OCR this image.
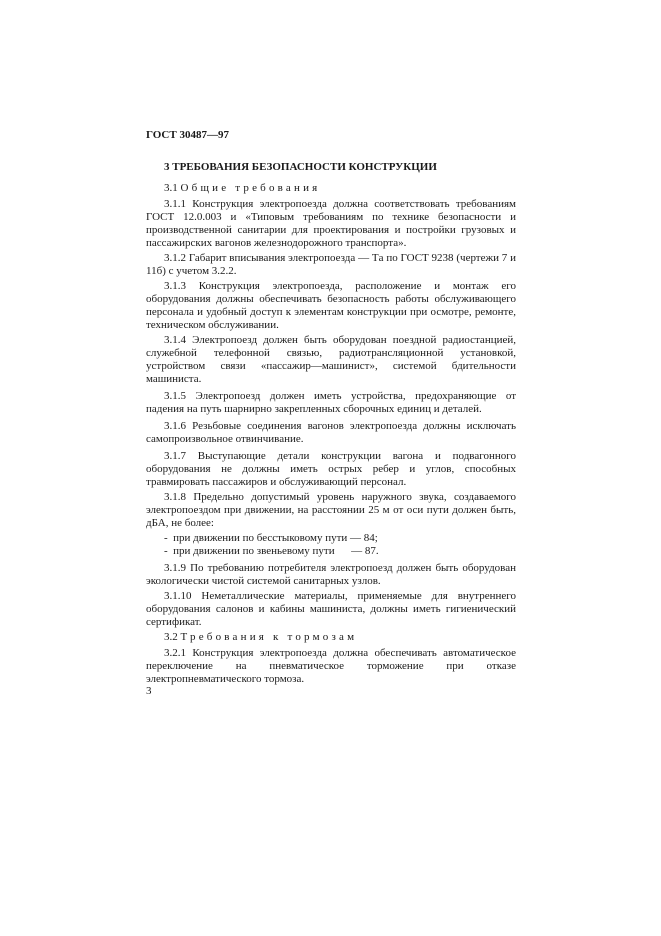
ГОСТ 30487—97
3 ТРЕБОВАНИЯ БЕЗОПАСНОСТИ КОНСТРУКЦИИ
3.1 Общие требования

3.1.1 Конструкция электропоезда должна соответствовать требованиям ГОСТ 12.0.003 и «Типовым требованиям по технике безопасности и производственной санитарии для проектирования и постройки грузовых и пассажирских вагонов железнодорожного транспорта».

3.1.2 Габарит вписывания электропоезда — Тa по ГОСТ 9238 (чертежи 7 и 11б) с учетом 3.2.2.

3.1.3 Конструкция электропоезда, расположение и монтаж его оборудования должны обеспечивать безопасность работы обслуживающего персонала и удобный доступ к элементам конструкции при осмотре, ремонте, техническом обслуживании.

3.1.4 Электропоезд должен быть оборудован поездной радиостанцией, служебной телефонной связью, радиотрансляционной установкой, устройством связи «пассажир—машинист», системой бдительности машиниста.

3.1.5 Электропоезд должен иметь устройства, предохраняющие от падения на путь шарнирно закрепленных сборочных единиц и деталей.

3.1.6 Резьбовые соединения вагонов электропоезда должны исключать самопроизвольное отвинчивание.

3.1.7 Выступающие детали конструкции вагона и подвагонного оборудования не должны иметь острых ребер и углов, способных травмировать пассажиров и обслуживающий персонал.

3.1.8 Предельно допустимый уровень наружного звука, создаваемого электропоездом при движении, на расстоянии 25 м от оси пути должен быть, дБА, не более:

-  при движении по бесстыковому пути — 84;

-  при движении по звеньевому пути      — 87.

3.1.9 По требованию потребителя электропоезд должен быть оборудован экологически чистой системой санитарных узлов.

3.1.10 Неметаллические материалы, применяемые для внутреннего оборудования салонов и кабины машиниста, должны иметь гигиенический сертификат.

3.2 Требования к тормозам

3.2.1 Конструкция электропоезда должна обеспечивать автоматическое переключение на пневматическое торможение при отказе электропневматического тормоза.

3
